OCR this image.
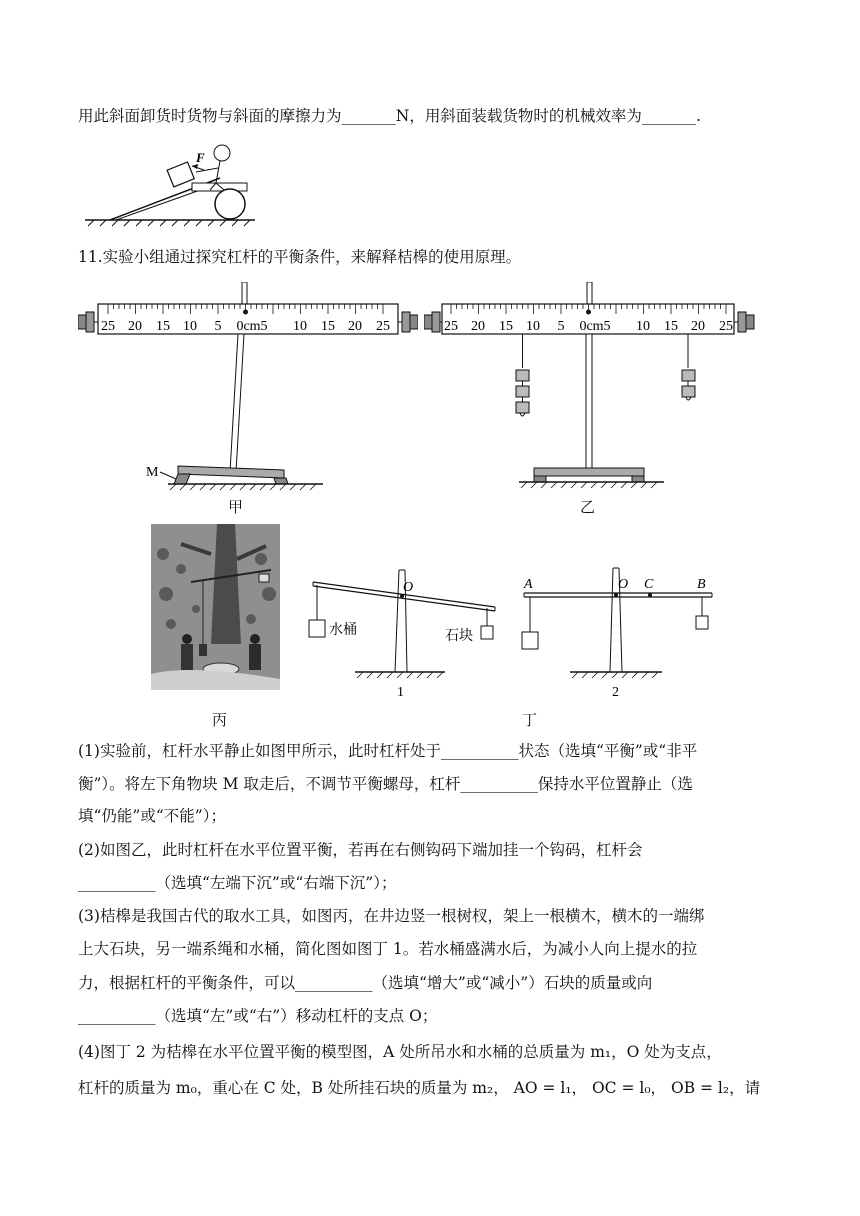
用此斜面卸货时货物与斜面的摩擦力为_______N，用斜面装载货物时的机械效率为_______.
F
11.实验小组通过探究杠杆的平衡条件，来解释桔槔的使用原理。
25 20 15 10 5 0cm5 10 15 20 25
M
甲
25 20 15 10 5 0cm5 10 15 20 25
乙
丙
O
水桶	石块
1
A	O C	B
2
丁
(1)实验前，杠杆水平静止如图甲所示，此时杠杆处于__________状态（选填“平衡”或“非平
衡”）。将左下角物块 M 取走后，不调节平衡螺母，杠杆__________保持水平位置静止（选
填“仍能”或“不能”）；
(2)如图乙，此时杠杆在水平位置平衡，若再在右侧钩码下端加挂一个钩码，杠杆会
__________（选填“左端下沉”或“右端下沉”）；
(3)桔槔是我国古代的取水工具，如图丙，在井边竖一根树杈，架上一根横木，横木的一端绑
上大石块，另一端系绳和水桶，简化图如图丁 1。若水桶盛满水后，为减小人向上提水的拉
力，根据杠杆的平衡条件，可以__________（选填“增大”或“减小”）石块的质量或向
__________（选填“左”或“右”）移动杠杆的支点 O；
(4)图丁 2 为桔槔在水平位置平衡的模型图，A 处所吊水和水桶的总质量为 m₁，O 处为支点，
杠杆的质量为 m₀，重心在 C 处，B 处所挂石块的质量为 m₂， AO = l₁， OC = l₀， OB = l₂，请
